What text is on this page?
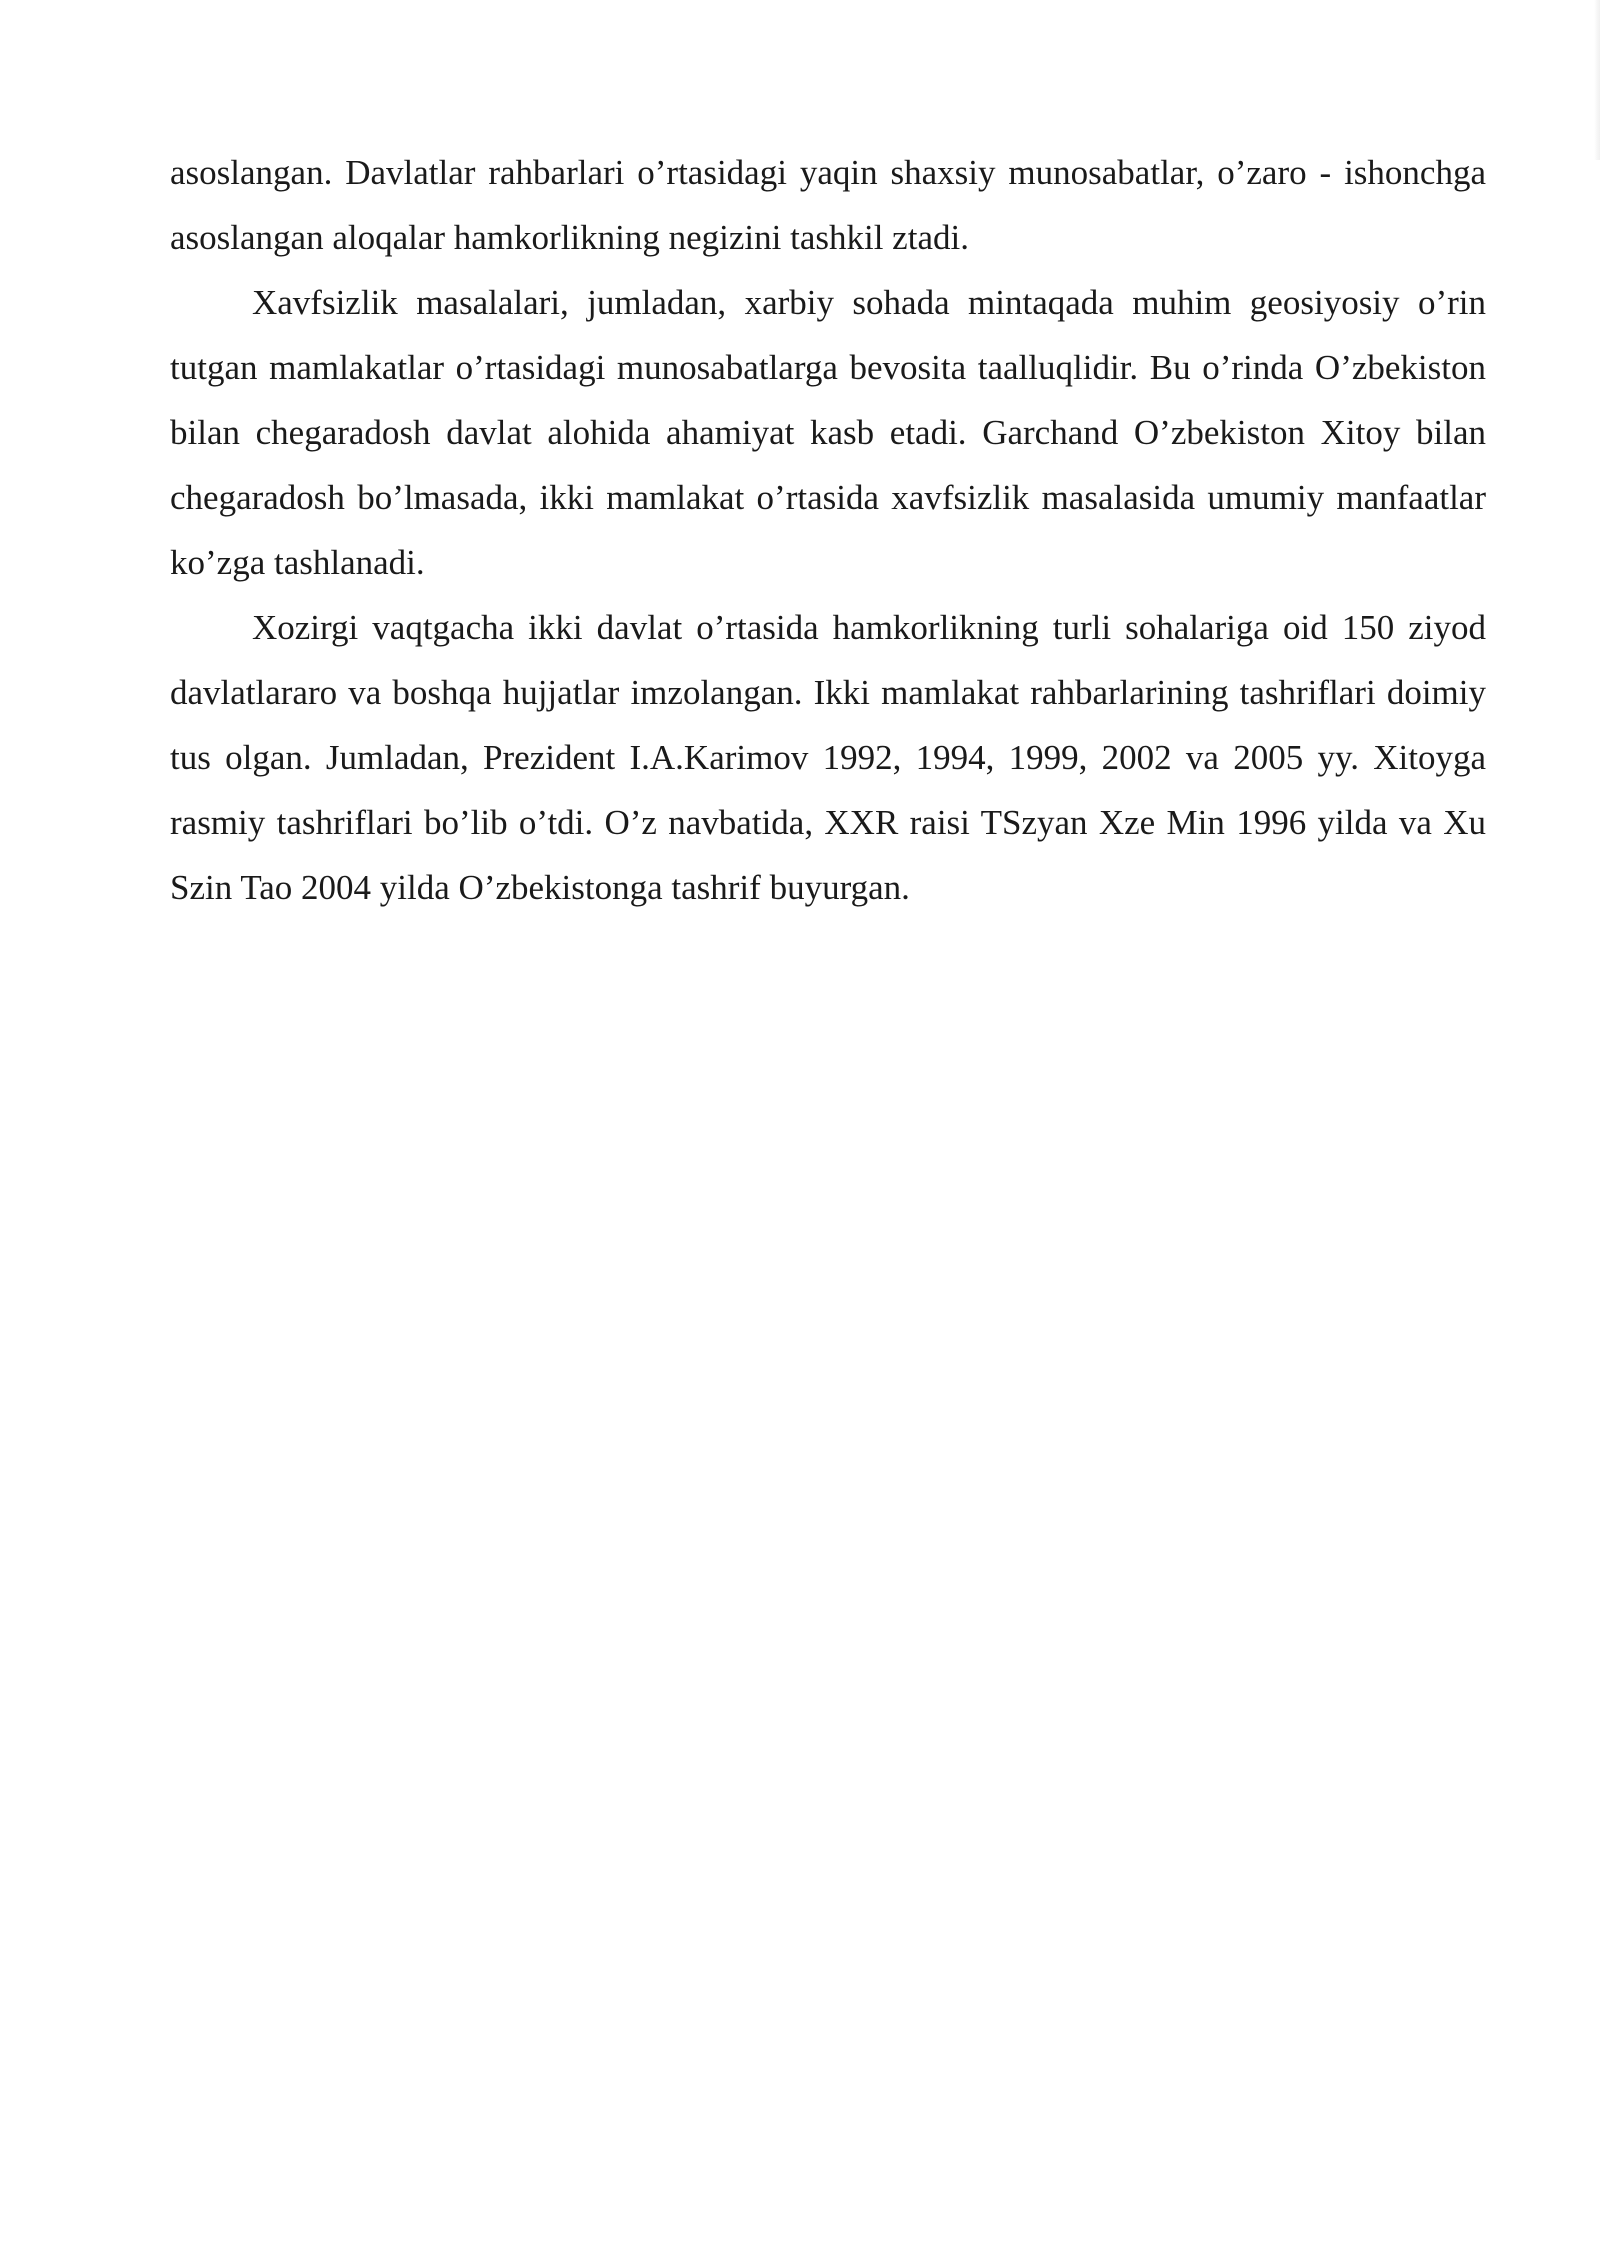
asoslangan. Davlatlar rahbarlari o’rtasidagi yaqin shaxsiy munosabatlar, o’zaro - ishonchga asoslangan aloqalar hamkorlikning negizini tashkil ztadi.

Xavfsizlik masalalari, jumladan, xarbiy sohada mintaqada muhim geosiyosiy o’rin tutgan mamlakatlar o’rtasidagi munosabatlarga bevosita taalluqlidir. Bu o’rinda O’zbekiston bilan chegaradosh davlat alohida ahamiyat kasb etadi. Garchand O’zbekiston Xitoy bilan chegaradosh bo’lmasada, ikki mamlakat o’rtasida xavfsizlik masalasida umumiy manfaatlar ko’zga tashlanadi.

Xozirgi vaqtgacha ikki davlat o’rtasida hamkorlikning turli sohalariga oid 150 ziyod davlatlararo va boshqa hujjatlar imzolangan. Ikki mamlakat rahbarlarining tashriflari doimiy tus olgan. Jumladan, Prezident I.A.Karimov 1992, 1994, 1999, 2002 va 2005 yy. Xitoyga rasmiy tashriflari bo’lib o’tdi. O’z navbatida, XXR raisi TSzyan Xze Min 1996 yilda va Xu Szin Tao 2004 yilda O’zbekistonga tashrif buyurgan.
